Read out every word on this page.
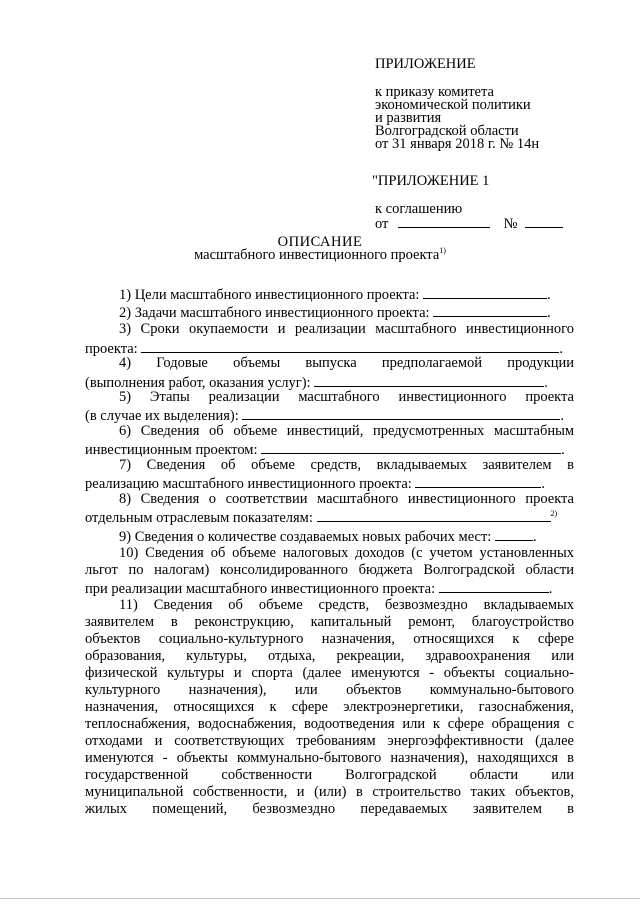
ПРИЛОЖЕНИЕ
к приказу комитета
экономической политики
и развития
Волгоградской области
от 31 января 2018 г. № 14н
"ПРИЛОЖЕНИЕ 1
к соглашению
от	№
ОПИСАНИЕ
масштабного инвестиционного проекта$^{1)}$
1) Цели масштабного инвестиционного проекта:	.
2) Задачи масштабного инвестиционного проекта:	.
3) Сроки окупаемости и реализации масштабного инвестиционного
проекта:	.
4) Годовые объемы выпуска предполагаемой продукции
(выполнения работ, оказания услуг):	.
5) Этапы реализации масштабного инвестиционного проекта
(в случае их выделения):	.
6) Сведения об объеме инвестиций, предусмотренных масштабным
инвестиционным проектом:	.
7) Сведения об объеме средств, вкладываемых заявителем в
реализацию масштабного инвестиционного проекта:	.
8) Сведения о соответствии масштабного инвестиционного проекта
отдельным отраслевым показателям:	$^{2)}$
9) Сведения о количестве создаваемых новых рабочих мест:	.
10) Сведения об объеме налоговых доходов (с учетом установленных
льгот по налогам) консолидированного бюджета Волгоградской области
при реализации масштабного инвестиционного проекта:	.
11) Сведения об объеме средств, безвозмездно вкладываемых
заявителем в реконструкцию, капитальный ремонт, благоустройство
объектов социально-культурного назначения, относящихся к сфере
образования, культуры, отдыха, рекреации, здравоохранения или
физической культуры и спорта (далее именуются - объекты социально-
культурного назначения), или объектов коммунально-бытового
назначения, относящихся к сфере электроэнергетики, газоснабжения,
теплоснабжения, водоснабжения, водоотведения или к сфере обращения с
отходами и соответствующих требованиям энергоэффективности (далее
именуются - объекты коммунально-бытового назначения), находящихся в
государственной собственности Волгоградской области или
муниципальной собственности, и (или) в строительство таких объектов,
жилых помещений, безвозмездно передаваемых заявителем в
